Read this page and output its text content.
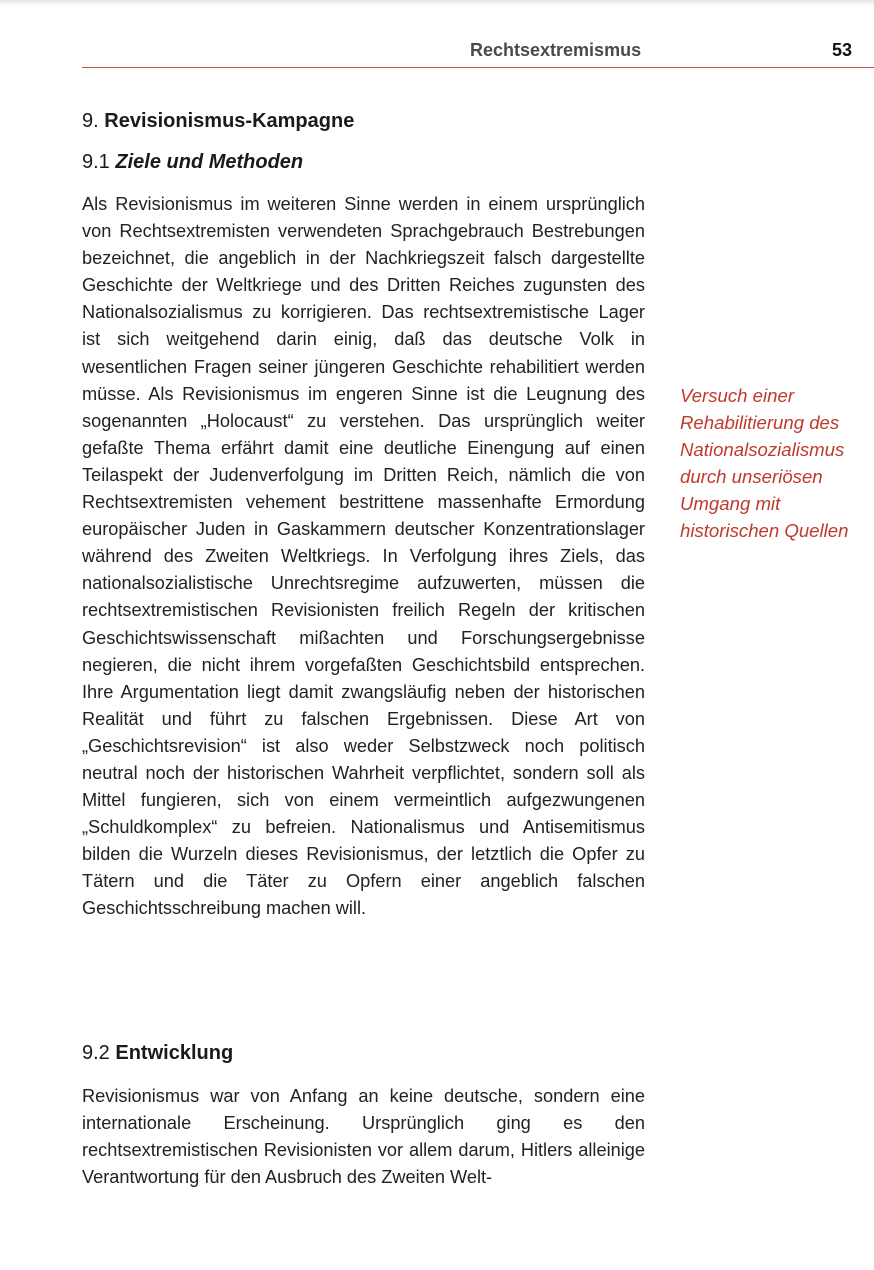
Rechtsextremismus	53
9. Revisionismus-Kampagne
9.1 Ziele und Methoden

Als Revisionismus im weiteren Sinne werden in einem ursprünglich von Rechtsextremisten verwendeten Sprachgebrauch Bestrebungen bezeichnet, die angeblich in der Nachkriegszeit falsch dargestellte Geschichte der Weltkriege und des Dritten Reiches zugunsten des Nationalsozialismus zu korrigieren. Das rechtsextremistische Lager ist sich weitgehend darin einig, daß das deutsche Volk in wesentlichen Fragen seiner jüngeren Geschichte rehabilitiert werden müsse. Als Revisionismus im engeren Sinne ist die Leugnung des sogenannten „Holocaust“ zu verstehen. Das ursprünglich weiter gefaßte Thema erfährt damit eine deutliche Einengung auf einen Teilaspekt der Judenverfolgung im Dritten Reich, nämlich die von Rechtsextremisten vehement bestrittene massenhafte Ermordung europäischer Juden in Gaskammern deutscher Konzentrationslager während des Zweiten Weltkriegs. In Verfolgung ihres Ziels, das nationalsozialistische Unrechtsregime aufzuwerten, müssen die rechtsextremistischen Revisionisten freilich Regeln der kritischen Geschichtswissenschaft mißachten und Forschungsergebnisse negieren, die nicht ihrem vorgefaßten Geschichtsbild entsprechen. Ihre Argumentation liegt damit zwangsläufig neben der historischen Realität und führt zu falschen Ergebnissen. Diese Art von „Geschichtsrevision“ ist also weder Selbstzweck noch politisch neutral noch der historischen Wahrheit verpflichtet, sondern soll als Mittel fungieren, sich von einem vermeintlich aufgezwungenen „Schuldkomplex“ zu befreien. Nationalismus und Antisemitismus bilden die Wurzeln dieses Revisionismus, der letztlich die Opfer zu Tätern und die Täter zu Opfern einer angeblich falschen Geschichtsschreibung machen will.

Versuch einer Rehabilitierung des Nationalsozialismus durch unseriösen Umgang mit historischen Quellen

9.2 Entwicklung

Revisionismus war von Anfang an keine deutsche, sondern eine internationale Erscheinung. Ursprünglich ging es den rechtsextremistischen Revisionisten vor allem darum, Hitlers alleinige Verantwortung für den Ausbruch des Zweiten Welt-
